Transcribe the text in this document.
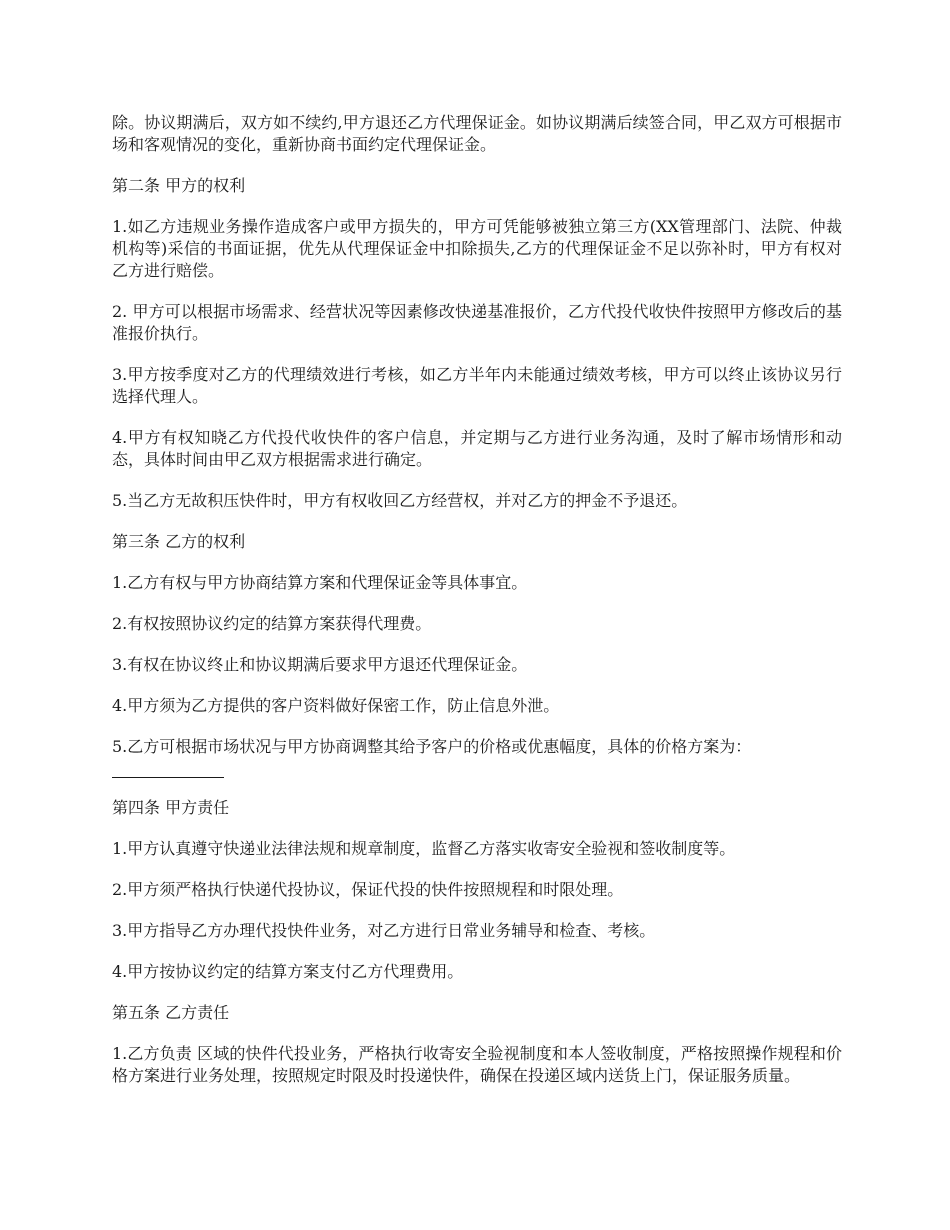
除。协议期满后，双方如不续约,甲方退还乙方代理保证金。如协议期满后续签合同，甲乙双方可根据市场和客观情况的变化，重新协商书面约定代理保证金。

第二条 甲方的权利

1.如乙方违规业务操作造成客户或甲方损失的，甲方可凭能够被独立第三方(XX管理部门、法院、仲裁机构等)采信的书面证据，优先从代理保证金中扣除损失,乙方的代理保证金不足以弥补时，甲方有权对乙方进行赔偿。

2. 甲方可以根据市场需求、经营状况等因素修改快递基准报价，乙方代投代收快件按照甲方修改后的基准报价执行。

3.甲方按季度对乙方的代理绩效进行考核，如乙方半年内未能通过绩效考核，甲方可以终止该协议另行选择代理人。

4.甲方有权知晓乙方代投代收快件的客户信息，并定期与乙方进行业务沟通，及时了解市场情形和动态，具体时间由甲乙双方根据需求进行确定。

5.当乙方无故积压快件时，甲方有权收回乙方经营权，并对乙方的押金不予退还。

第三条 乙方的权利

1.乙方有权与甲方协商结算方案和代理保证金等具体事宜。

2.有权按照协议约定的结算方案获得代理费。

3.有权在协议终止和协议期满后要求甲方退还代理保证金。

4.甲方须为乙方提供的客户资料做好保密工作，防止信息外泄。

5.乙方可根据市场状况与甲方协商调整其给予客户的价格或优惠幅度，具体的价格方案为：

第四条 甲方责任

1.甲方认真遵守快递业法律法规和规章制度，监督乙方落实收寄安全验视和签收制度等。

2.甲方须严格执行快递代投协议，保证代投的快件按照规程和时限处理。

3.甲方指导乙方办理代投快件业务，对乙方进行日常业务辅导和检查、考核。

4.甲方按协议约定的结算方案支付乙方代理费用。

第五条 乙方责任

1.乙方负责 区域的快件代投业务，严格执行收寄安全验视制度和本人签收制度，严格按照操作规程和价格方案进行业务处理，按照规定时限及时投递快件，确保在投递区域内送货上门，保证服务质量。
